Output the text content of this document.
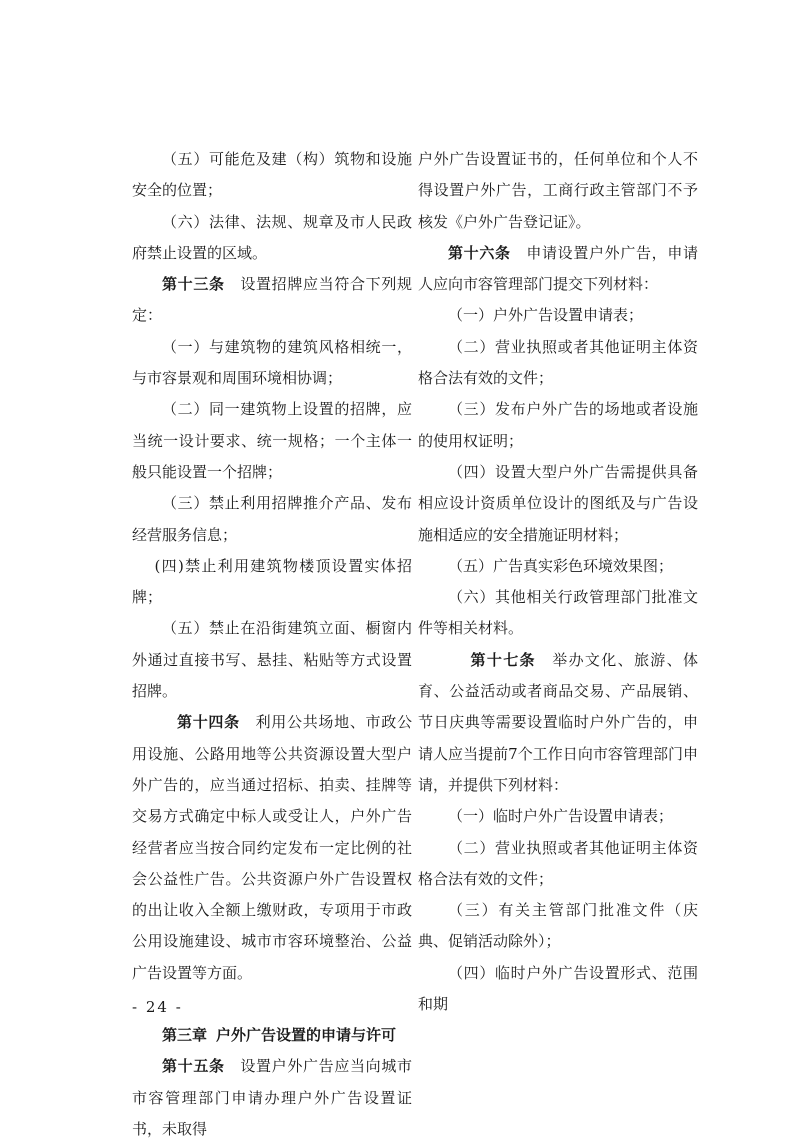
（五）可能危及建（构）筑物和设施安全的位置；

（六）法律、法规、规章及市人民政府禁止设置的区域。

第十三条　设置招牌应当符合下列规定：

（一）与建筑物的建筑风格相统一，与市容景观和周围环境相协调；

（二）同一建筑物上设置的招牌，应当统一设计要求、统一规格；一个主体一般只能设置一个招牌；

（三）禁止利用招牌推介产品、发布经营服务信息；

(四)禁止利用建筑物楼顶设置实体招牌；

（五）禁止在沿街建筑立面、橱窗内外通过直接书写、悬挂、粘贴等方式设置招牌。

第十四条　利用公共场地、市政公用设施、公路用地等公共资源设置大型户外广告的，应当通过招标、拍卖、挂牌等交易方式确定中标人或受让人，户外广告经营者应当按合同约定发布一定比例的社会公益性广告。公共资源户外广告设置权的出让收入全额上缴财政，专项用于市政公用设施建设、城市市容环境整治、公益广告设置等方面。

第三章 户外广告设置的申请与许可

第十五条　设置户外广告应当向城市市容管理部门申请办理户外广告设置证书，未取得

户外广告设置证书的，任何单位和个人不得设置户外广告，工商行政主管部门不予核发《户外广告登记证》。

第十六条　申请设置户外广告，申请人应向市容管理部门提交下列材料：

（一）户外广告设置申请表；

（二）营业执照或者其他证明主体资格合法有效的文件；

（三）发布户外广告的场地或者设施的使用权证明；

（四）设置大型户外广告需提供具备相应设计资质单位设计的图纸及与广告设施相适应的安全措施证明材料；

（五）广告真实彩色环境效果图；

（六）其他相关行政管理部门批准文件等相关材料。

第十七条　举办文化、旅游、体育、公益活动或者商品交易、产品展销、节日庆典等需要设置临时户外广告的，申请人应当提前7个工作日向市容管理部门申请，并提供下列材料：

（一）临时户外广告设置申请表；

（二）营业执照或者其他证明主体资格合法有效的文件；

（三）有关主管部门批准文件（庆典、促销活动除外）；

（四）临时户外广告设置形式、范围和期

- 24 -
